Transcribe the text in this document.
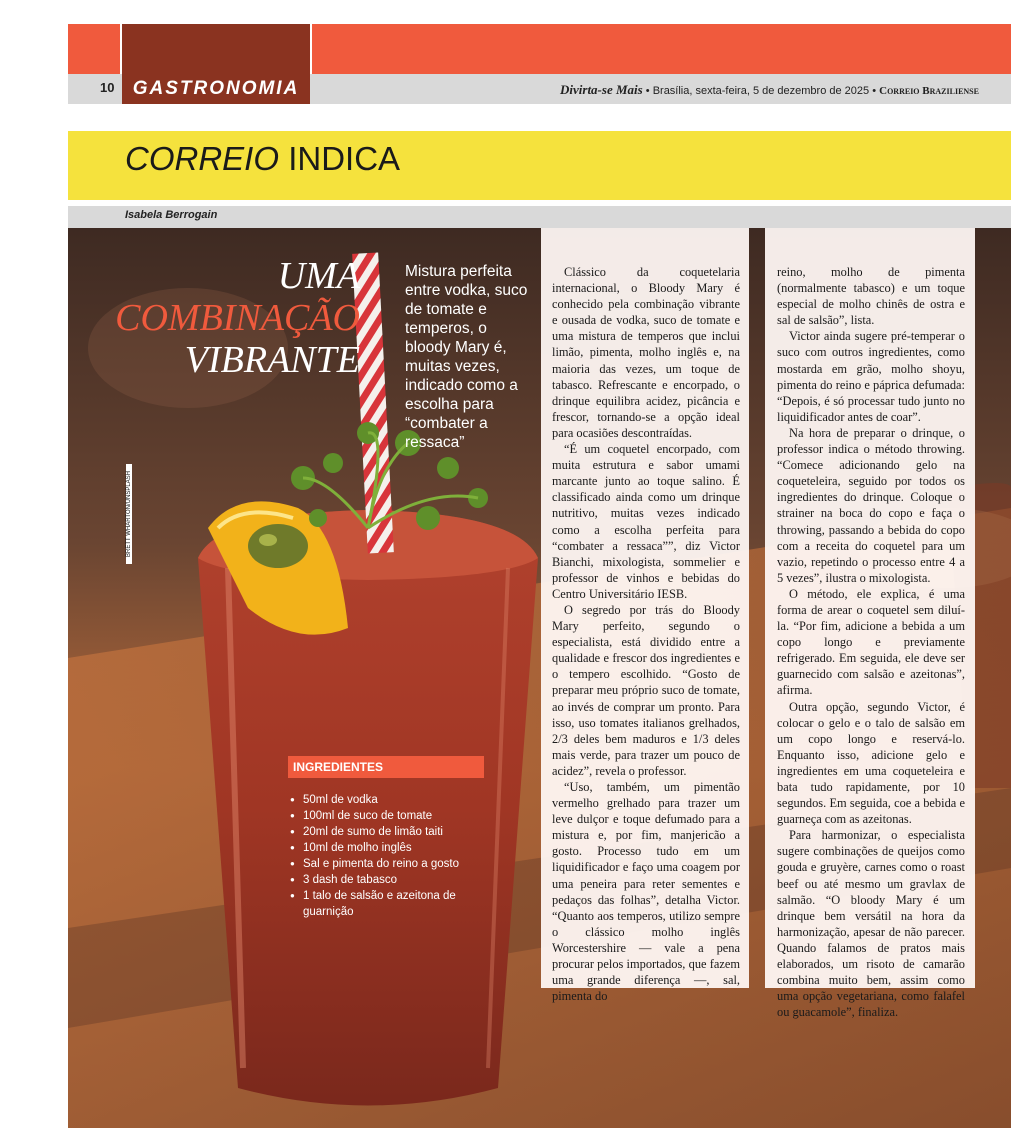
GASTRONOMIA
10	Divirta-se Mais • Brasília, sexta-feira, 5 de dezembro de 2025 • Correio Braziliense
CORREIO INDICA
Isabela Berrogain
UMA
COMBINAÇÃO
VIBRANTE
Mistura perfeita entre vodka, suco de tomate e temperos, o bloody Mary é, muitas vezes, indicado como a escolha para “combater a ressaca”
BRETT WHARTON/UNSPLASH
INGREDIENTES
● 50ml de vodka
● 100ml de suco de tomate
● 20ml de sumo de limão taiti
● 10ml de molho inglês
● Sal e pimenta do reino a gosto
● 3 dash de tabasco
● 1 talo de salsão e azeitona de guarnição

Clássico da coquetelaria internacional, o Bloody Mary é conhecido pela combinação vibrante e ousada de vodka, suco de tomate e uma mistura de temperos que inclui limão, pimenta, molho inglês e, na maioria das vezes, um toque de tabasco. Refrescante e encorpado, o drinque equilibra acidez, picância e frescor, tornando-se a opção ideal para ocasiões descontraídas.

“É um coquetel encorpado, com muita estrutura e sabor umami marcante junto ao toque salino. É classificado ainda como um drinque nutritivo, muitas vezes indicado como a escolha perfeita para “combater a ressaca””, diz Victor Bianchi, mixologista, sommelier e professor de vinhos e bebidas do Centro Universitário IESB.

O segredo por trás do Bloody Mary perfeito, segundo o especialista, está dividido entre a qualidade e frescor dos ingredientes e o tempero escolhido. “Gosto de preparar meu próprio suco de tomate, ao invés de comprar um pronto. Para isso, uso tomates italianos grelhados, 2/3 deles bem maduros e 1/3 deles mais verde, para trazer um pouco de acidez”, revela o professor.

“Uso, também, um pimentão vermelho grelhado para trazer um leve dulçor e toque defumado para a mistura e, por fim, manjericão a gosto. Processo tudo em um liquidificador e faço uma coagem por uma peneira para reter sementes e pedaços das folhas”, detalha Victor. “Quanto aos temperos, utilizo sempre o clássico molho inglês Worcestershire — vale a pena procurar pelos importados, que fazem uma grande diferença —, sal, pimenta do

reino, molho de pimenta (normalmente tabasco) e um toque especial de molho chinês de ostra e sal de salsão”, lista.

Victor ainda sugere pré-temperar o suco com outros ingredientes, como mostarda em grão, molho shoyu, pimenta do reino e páprica defumada: “Depois, é só processar tudo junto no liquidificador antes de coar”.

Na hora de preparar o drinque, o professor indica o método throwing. “Comece adicionando gelo na coqueteleira, seguido por todos os ingredientes do drinque. Coloque o strainer na boca do copo e faça o throwing, passando a bebida do copo com a receita do coquetel para um vazio, repetindo o processo entre 4 a 5 vezes”, ilustra o mixologista.

O método, ele explica, é uma forma de arear o coquetel sem diluí-la. “Por fim, adicione a bebida a um copo longo e previamente refrigerado. Em seguida, ele deve ser guarnecido com salsão e azeitonas”, afirma.

Outra opção, segundo Victor, é colocar o gelo e o talo de salsão em um copo longo e reservá-lo. Enquanto isso, adicione gelo e ingredientes em uma coqueteleira e bata tudo rapidamente, por 10 segundos. Em seguida, coe a bebida e guarneça com as azeitonas.

Para harmonizar, o especialista sugere combinações de queijos como gouda e gruyère, carnes como o roast beef ou até mesmo um gravlax de salmão. “O bloody Mary é um drinque bem versátil na hora da harmonização, apesar de não parecer. Quando falamos de pratos mais elaborados, um risoto de camarão combina muito bem, assim como uma opção vegetariana, como falafel ou guacamole”, finaliza.
